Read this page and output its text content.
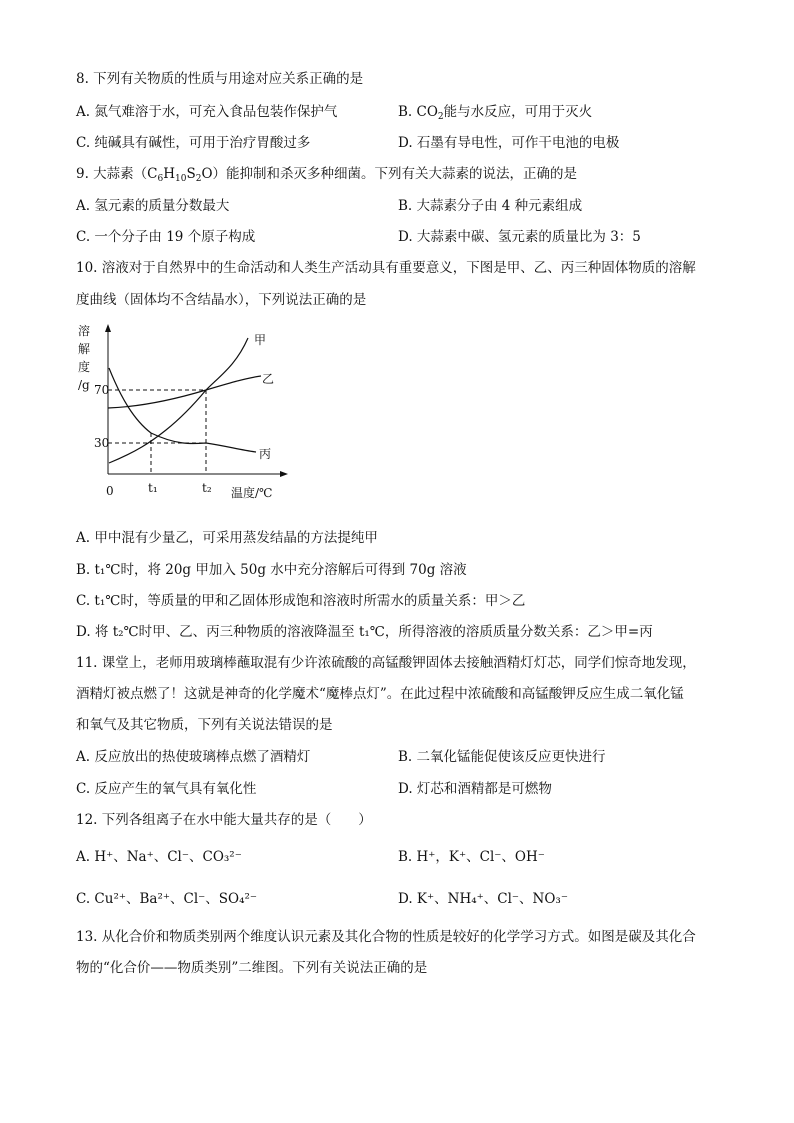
8. 下列有关物质的性质与用途对应关系正确的是
A. 氮气难溶于水，可充入食品包装作保护气	B. $CO_2$能与水反应，可用于灭火
C. 纯碱具有碱性，可用于治疗胃酸过多	D. 石墨有导电性，可作干电池的电极
9. 大蒜素$(C_6H_{10}S_2O)$能抑制和杀灭多种细菌。下列有关大蒜素的说法，正确的是
A. 氢元素的质量分数最大	B. 大蒜素分子由 4 种元素组成
C. 一个分子由 19 个原子构成	D. 大蒜素中碳、氢元素的质量比为 3：5
10. 溶液对于自然界中的生命活动和人类生产活动具有重要意义，下图是甲、乙、丙三种固体物质的溶解
度曲线（固体均不含结晶水），下列说法正确的是
溶
解
度
/g
甲
乙
丙
70
30
0	t₁	t₂ 温度/℃
A. 甲中混有少量乙，可采用蒸发结晶的方法提纯甲
B. t₁℃时，将 20g 甲加入 50g 水中充分溶解后可得到 70g 溶液
C. t₁℃时，等质量的甲和乙固体形成饱和溶液时所需水的质量关系：甲＞乙
D. 将 t₂℃时甲、乙、丙三种物质的溶液降温至 t₁℃，所得溶液的溶质质量分数关系：乙＞甲=丙
11. 课堂上，老师用玻璃棒蘸取混有少许浓硫酸的高锰酸钾固体去接触酒精灯灯芯，同学们惊奇地发现，
酒精灯被点燃了！这就是神奇的化学魔术“魔棒点灯”。在此过程中浓硫酸和高锰酸钾反应生成二氧化锰
和氧气及其它物质，下列有关说法错误的是
A. 反应放出的热使玻璃棒点燃了酒精灯	B. 二氧化锰能促使该反应更快进行
C. 反应产生的氧气具有氧化性	D. 灯芯和酒精都是可燃物
12. 下列各组离子在水中能大量共存的是（　　）
A. H⁺、Na⁺、Cl⁻、CO₃²⁻	B. H⁺，K⁺、Cl⁻、OH⁻
C. Cu²⁺、Ba²⁺、Cl⁻、SO₄²⁻	D. K⁺、NH₄⁺、Cl⁻、NO₃⁻
13. 从化合价和物质类别两个维度认识元素及其化合物的性质是较好的化学学习方式。如图是碳及其化合
物的“化合价——物质类别”二维图。下列有关说法正确的是
